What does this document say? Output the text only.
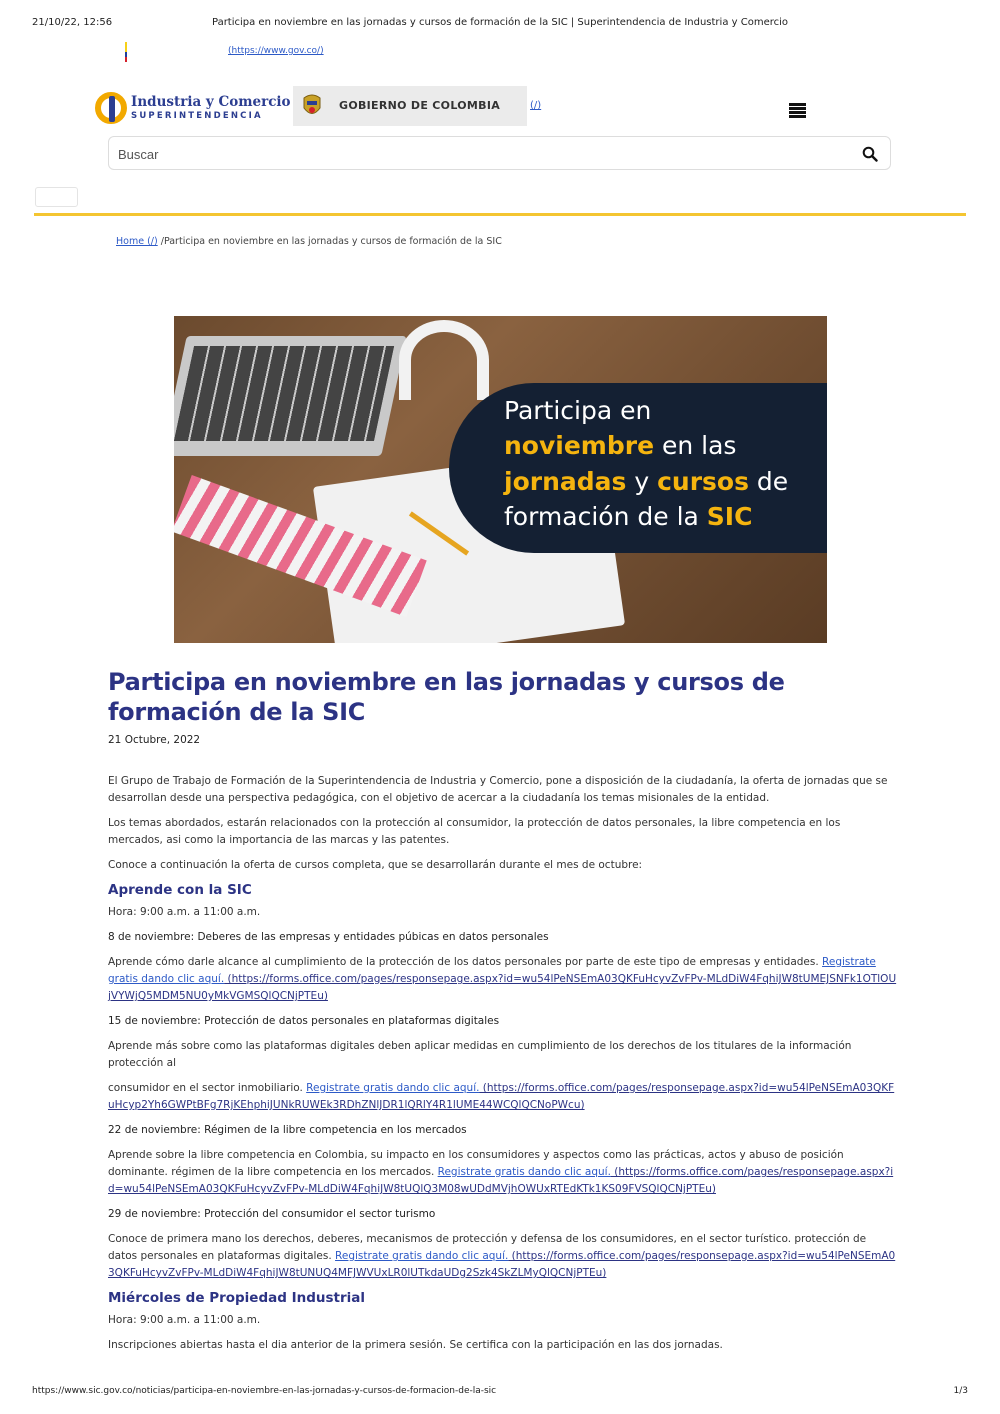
21/10/22, 12:56	Participa en noviembre en las jornadas y cursos de formación de la SIC | Superintendencia de Industria y Comercio
(https://www.gov.co/)
Industria y Comercio
SUPERINTENDENCIA
GOBIERNO DE COLOMBIA	(/)
Buscar
Home (/) /Participa en noviembre en las jornadas y cursos de formación de la SIC
Participa en
noviembre en las
jornadas y cursos de
formación de la SIC
Participa en noviembre en las jornadas y cursos de formación de la SIC
21 Octubre, 2022

El Grupo de Trabajo de Formación de la Superintendencia de Industria y Comercio, pone a disposición de la ciudadanía, la oferta de jornadas que se desarrollan desde una perspectiva pedagógica, con el objetivo de acercar a la ciudadanía los temas misionales de la entidad.

Los temas abordados, estarán relacionados con la protección al consumidor, la protección de datos personales, la libre competencia en los mercados, asi como la importancia de las marcas y las patentes.

Conoce a continuación la oferta de cursos completa, que se desarrollarán durante el mes de octubre:

Aprende con la SIC

Hora: 9:00 a.m. a 11:00 a.m.

8 de noviembre: Deberes de las empresas y entidades púbicas en datos personales

Aprende cómo darle alcance al cumplimiento de la protección de los datos personales por parte de este tipo de empresas y entidades. Registrate gratis dando clic aquí. (https://forms.office.com/pages/responsepage.aspx?id=wu54lPeNSEmA03QKFuHcyvZvFPv-MLdDiW4FqhiJW8tUMEJSNFk1OTlOUjVYWjQ5MDM5NU0yMkVGMSQlQCNjPTEu)

15 de noviembre: Protección de datos personales en plataformas digitales

Aprende más sobre como las plataformas digitales deben aplicar medidas en cumplimiento de los derechos de los titulares de la información protección al

consumidor en el sector inmobiliario. Registrate gratis dando clic aquí. (https://forms.office.com/pages/responsepage.aspx?id=wu54lPeNSEmA03QKFuHcyp2Yh6GWPtBFg7RjKEhphiJUNkRUWEk3RDhZNlJDR1lQRlY4R1lUME44WCQlQCNoPWcu)

22 de noviembre: Régimen de la libre competencia en los mercados

Aprende sobre la libre competencia en Colombia, su impacto en los consumidores y aspectos como las prácticas, actos y abuso de posición dominante. régimen de la libre competencia en los mercados. Registrate gratis dando clic aquí. (https://forms.office.com/pages/responsepage.aspx?id=wu54lPeNSEmA03QKFuHcyvZvFPv-MLdDiW4FqhiJW8tUQlQ3M08wUDdMVjhOWUxRTEdKTk1KS09FVSQlQCNjPTEu)

29 de noviembre: Protección del consumidor el sector turismo

Conoce de primera mano los derechos, deberes, mecanismos de protección y defensa de los consumidores, en el sector turístico. protección de datos personales en plataformas digitales. Registrate gratis dando clic aquí. (https://forms.office.com/pages/responsepage.aspx?id=wu54lPeNSEmA03QKFuHcyvZvFPv-MLdDiW4FqhiJW8tUNUQ4MFJWVUxLR0lUTkdaUDg2Szk4SkZLMyQlQCNjPTEu)

Miércoles de Propiedad Industrial

Hora: 9:00 a.m. a 11:00 a.m.

Inscripciones abiertas hasta el dia anterior de la primera sesión. Se certifica con la participación en las dos jornadas.

https://www.sic.gov.co/noticias/participa-en-noviembre-en-las-jornadas-y-cursos-de-formacion-de-la-sic	1/3
